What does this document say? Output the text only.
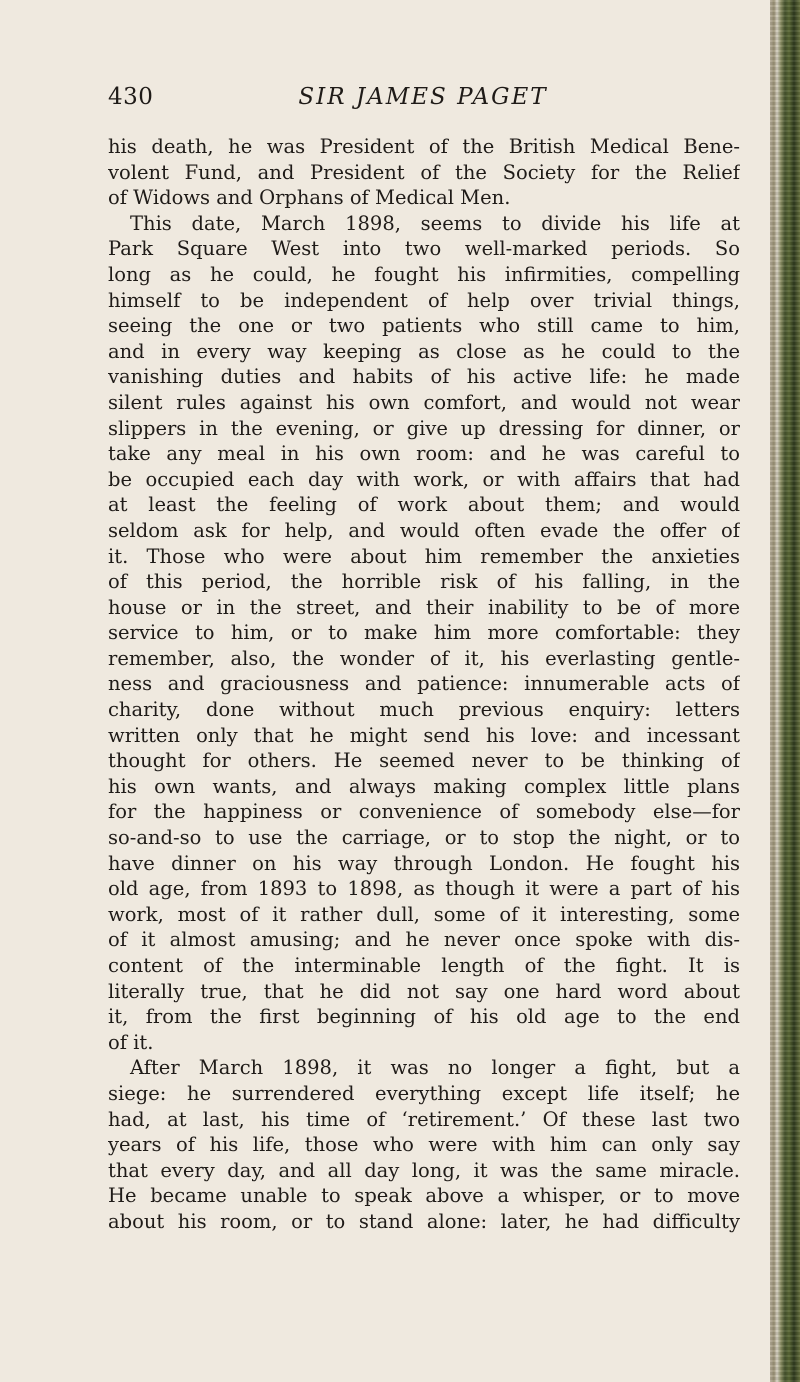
430	SIR JAMES PAGET
his death, he was President of the British Medical Bene-
volent Fund, and President of the Society for the Relief
of Widows and Orphans of Medical Men.
This date, March 1898, seems to divide his life at
Park Square West into two well-marked periods. So
long as he could, he fought his infirmities, compelling
himself to be independent of help over trivial things,
seeing the one or two patients who still came to him,
and in every way keeping as close as he could to the
vanishing duties and habits of his active life: he made
silent rules against his own comfort, and would not wear
slippers in the evening, or give up dressing for dinner, or
take any meal in his own room: and he was careful to
be occupied each day with work, or with affairs that had
at least the feeling of work about them; and would
seldom ask for help, and would often evade the offer of
it. Those who were about him remember the anxieties
of this period, the horrible risk of his falling, in the
house or in the street, and their inability to be of more
service to him, or to make him more comfortable: they
remember, also, the wonder of it, his everlasting gentle-
ness and graciousness and patience: innumerable acts of
charity, done without much previous enquiry: letters
written only that he might send his love: and incessant
thought for others. He seemed never to be thinking of
his own wants, and always making complex little plans
for the happiness or convenience of somebody else—for
so-and-so to use the carriage, or to stop the night, or to
have dinner on his way through London. He fought his
old age, from 1893 to 1898, as though it were a part of his
work, most of it rather dull, some of it interesting, some
of it almost amusing; and he never once spoke with dis-
content of the interminable length of the fight. It is
literally true, that he did not say one hard word about
it, from the first beginning of his old age to the end
of it.
After March 1898, it was no longer a fight, but a
siege: he surrendered everything except life itself; he
had, at last, his time of ‘retirement.’ Of these last two
years of his life, those who were with him can only say
that every day, and all day long, it was the same miracle.
He became unable to speak above a whisper, or to move
about his room, or to stand alone: later, he had difficulty
